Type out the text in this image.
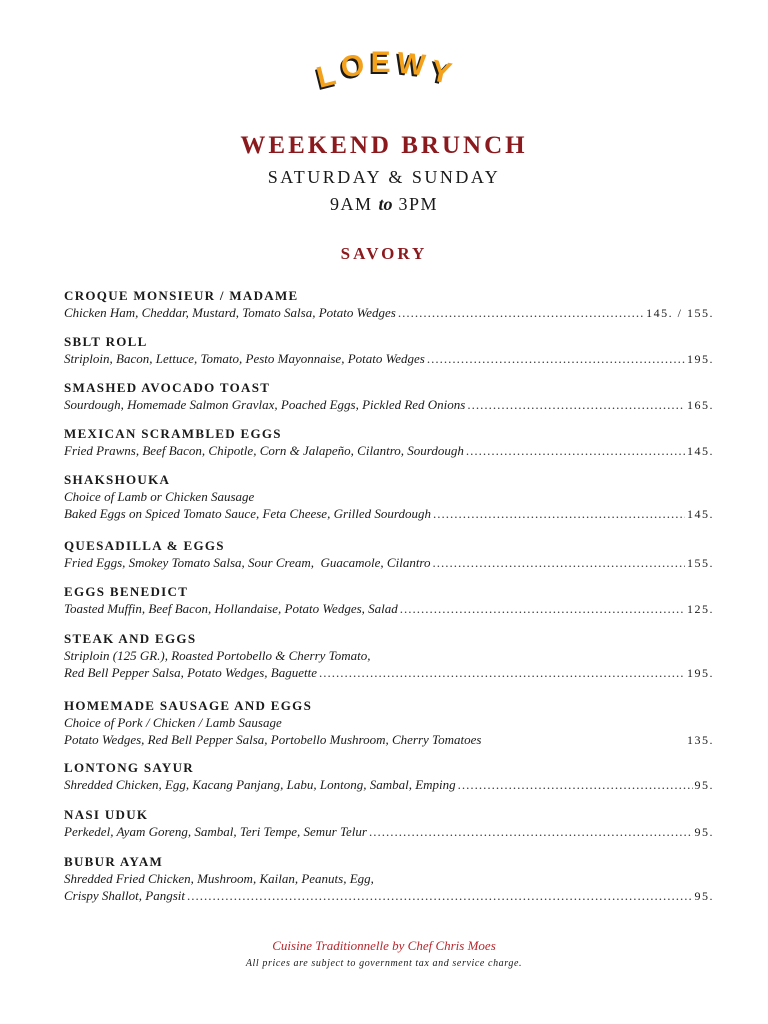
LO E WY
WEEKEND BRUNCH
SATURDAY & SUNDAY
9AM to 3PM
SAVORY
CROQUE MONSIEUR / MADAME
Chicken Ham, Cheddar, Mustard, Tomato Salsa, Potato Wedges .....	145. / 155.
SBLT ROLL
Striploin, Bacon, Lettuce, Tomato, Pesto Mayonnaise, Potato Wedges .....	195.
SMASHED AVOCADO TOAST
Sourdough, Homemade Salmon Gravlax, Poached Eggs, Pickled Red Onions .....	165.
MEXICAN SCRAMBLED EGGS
Fried Prawns, Beef Bacon, Chipotle, Corn & Jalapeño, Cilantro, Sourdough .....	145.
SHAKSHOUKA
Choice of Lamb or Chicken Sausage
Baked Eggs on Spiced Tomato Sauce, Feta Cheese, Grilled Sourdough .....	145.
QUESADILLA & EGGS
Fried Eggs, Smokey Tomato Salsa, Sour Cream,  Guacamole, Cilantro .....	155.
EGGS BENEDICT
Toasted Muffin, Beef Bacon, Hollandaise, Potato Wedges, Salad .....	125.
STEAK AND EGGS
Striploin (125 GR.), Roasted Portobello & Cherry Tomato,
Red Bell Pepper Salsa, Potato Wedges, Baguette .....	195.
HOMEMADE SAUSAGE AND EGGS
Choice of Pork / Chicken / Lamb Sausage
Potato Wedges, Red Bell Pepper Salsa, Portobello Mushroom, Cherry Tomatoes	135.
LONTONG SAYUR
Shredded Chicken, Egg, Kacang Panjang, Labu, Lontong, Sambal, Emping .....	95.
NASI UDUK
Perkedel, Ayam Goreng, Sambal, Teri Tempe, Semur Telur .....	95.
BUBUR AYAM
Shredded Fried Chicken, Mushroom, Kailan, Peanuts, Egg,
Crispy Shallot, Pangsit .....	95.
Cuisine Traditionnelle by Chef Chris Moes
All prices are subject to government tax and service charge.
